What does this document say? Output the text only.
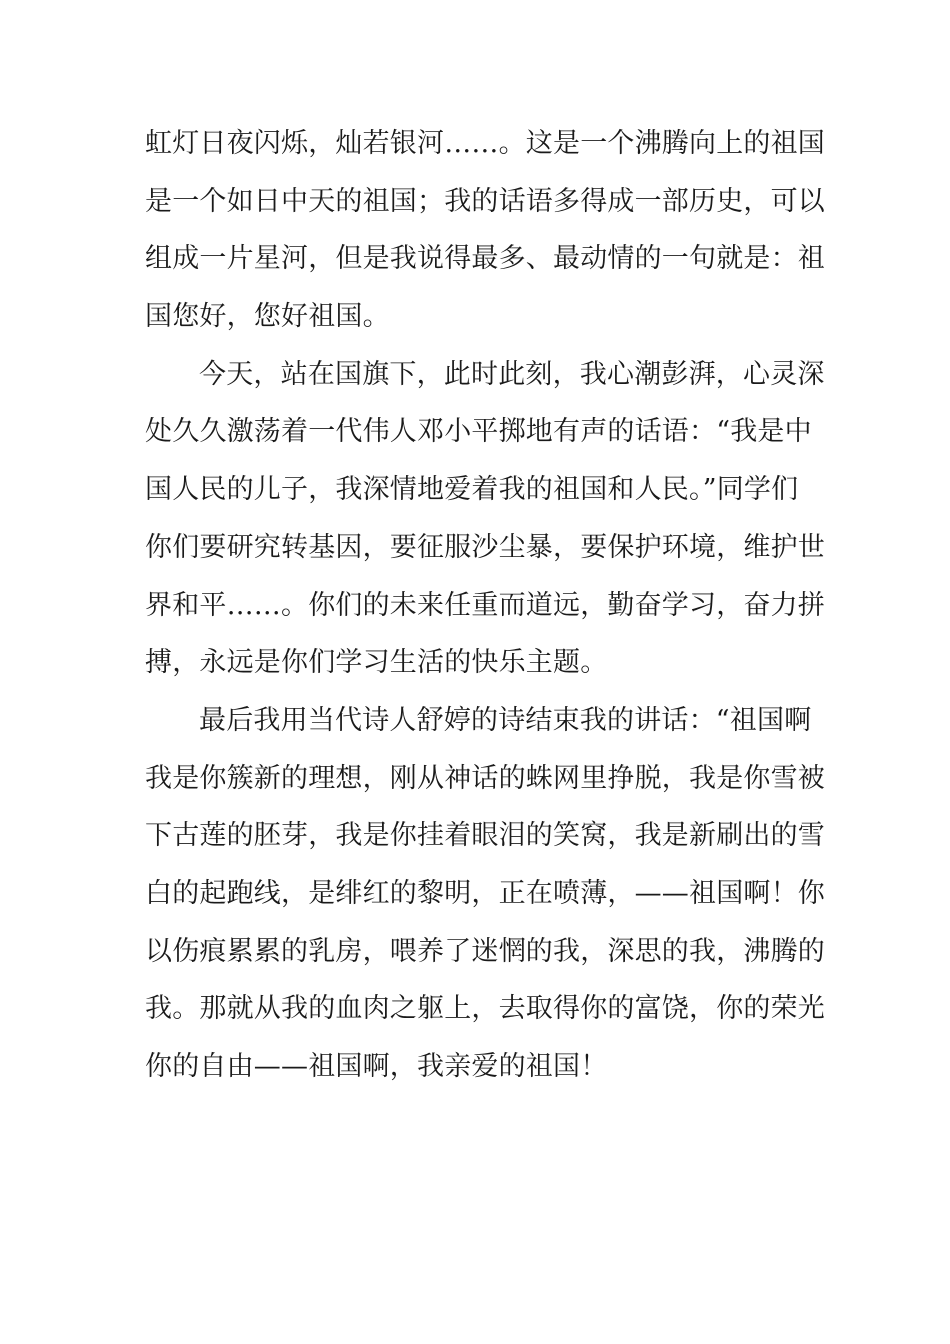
虹灯日夜闪烁，灿若银河……。这是一个沸腾向上的祖国
是一个如日中天的祖国；我的话语多得成一部历史，可以
组成一片星河，但是我说得最多、最动情的一句就是：祖
国您好，您好祖国。
今天，站在国旗下，此时此刻，我心潮彭湃，心灵深
处久久激荡着一代伟人邓小平掷地有声的话语：“我是中
国人民的儿子，我深情地爱着我的祖国和人民。”同学们
你们要研究转基因，要征服沙尘暴，要保护环境，维护世
界和平……。你们的未来任重而道远，勤奋学习，奋力拼
搏，永远是你们学习生活的快乐主题。
最后我用当代诗人舒婷的诗结束我的讲话：“祖国啊
我是你簇新的理想，刚从神话的蛛网里挣脱，我是你雪被
下古莲的胚芽，我是你挂着眼泪的笑窝，我是新刷出的雪
白的起跑线，是绯红的黎明，正在喷薄，——祖国啊！你
以伤痕累累的乳房，喂养了迷惘的我，深思的我，沸腾的
我。那就从我的血肉之躯上，去取得你的富饶，你的荣光
你的自由——祖国啊，我亲爱的祖国！
